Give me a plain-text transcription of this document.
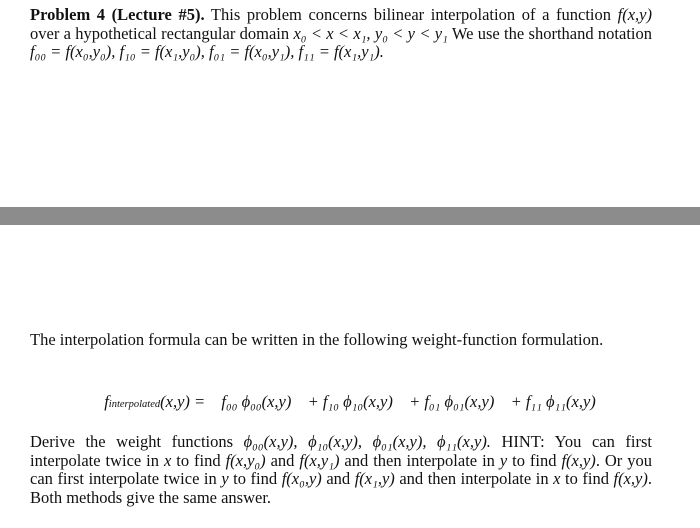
Problem 4 (Lecture #5). This problem concerns bilinear interpolation of a function f(x,y) over a hypothetical rectangular domain x₀ < x < x₁, y₀ < y < y₁ We use the shorthand notation f₀₀ = f(x₀,y₀), f₁₀ = f(x₁,y₀), f₀₁ = f(x₀,y₁), f₁₁ = f(x₁,y₁).
The interpolation formula can be written in the following weight-function formulation.
finterpolated(x,y) = f₀₀ ϕ₀₀(x,y) + f₁₀ ϕ₁₀(x,y) + f₀₁ ϕ₀₁(x,y) + f₁₁ ϕ₁₁(x,y)
Derive the weight functions ϕ₀₀(x,y), ϕ₁₀(x,y), ϕ₀₁(x,y), ϕ₁₁(x,y). HINT: You can first interpolate twice in x to find f(x,y₀) and f(x,y₁) and then interpolate in y to find f(x,y). Or you can first interpolate twice in y to find f(x₀,y) and f(x₁,y) and then interpolate in x to find f(x,y). Both methods give the same answer.
